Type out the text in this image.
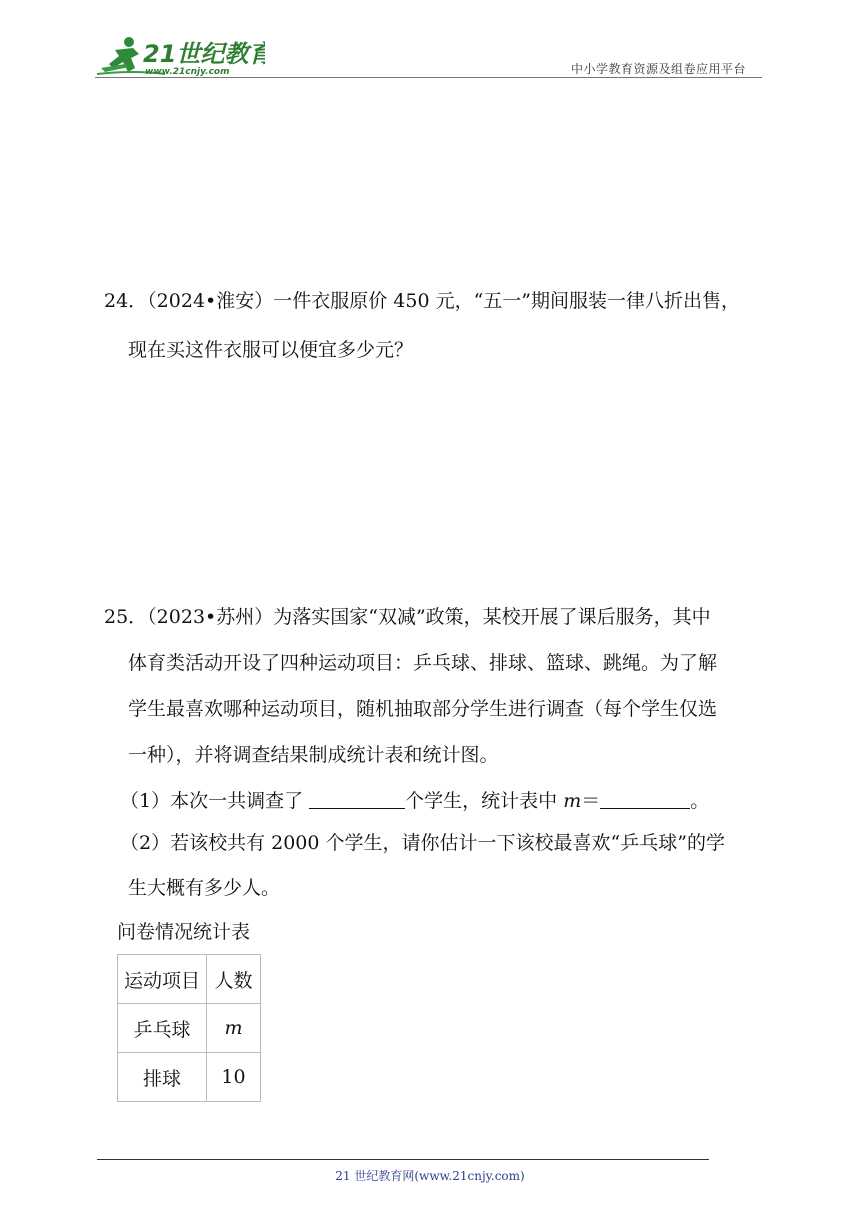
21世纪教育
www.21cnjy.com	中小学教育资源及组卷应用平台
24．（2024•淮安）一件衣服原价 450 元，“五一”期间服装一律八折出售，
现在买这件衣服可以便宜多少元？
25．（2023•苏州）为落实国家“双减”政策，某校开展了课后服务，其中
体育类活动开设了四种运动项目：乒乓球、排球、篮球、跳绳。为了解
学生最喜欢哪种运动项目，随机抽取部分学生进行调查（每个学生仅选
一种），并将调查结果制成统计表和统计图。
（1）本次一共调查了	个学生，统计表中 m＝	。
（2）若该校共有 2000 个学生，请你估计一下该校最喜欢“乒乓球”的学
生大概有多少人。
问卷情况统计表
运动项目	人数
乒乓球	m
排球	10
21 世纪教育网(www.21cnjy.com)
